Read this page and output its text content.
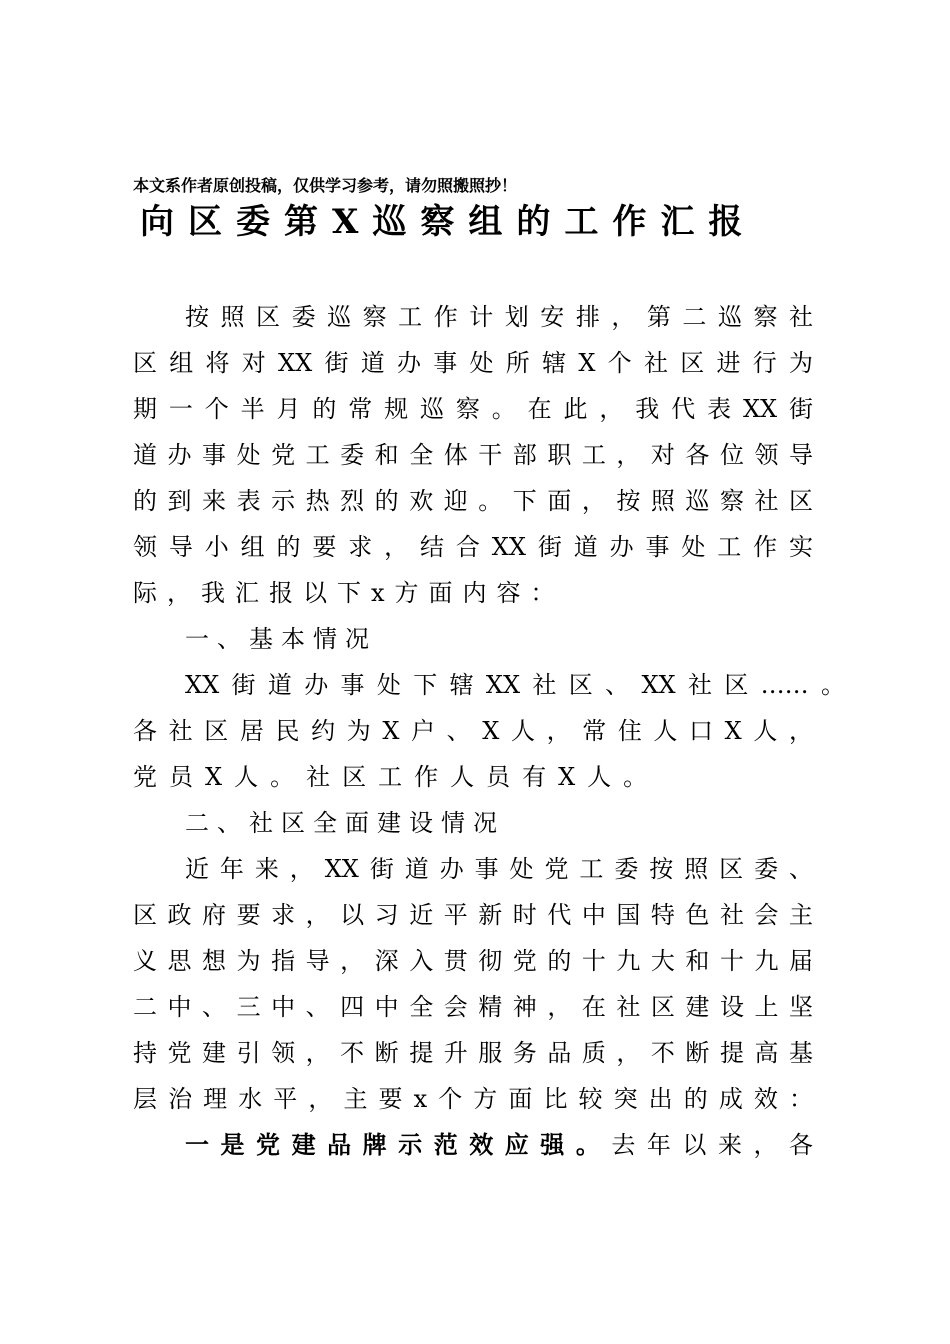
本文系作者原创投稿，仅供学习参考，请勿照搬照抄！
向区委第X巡察组的工作汇报
按照区委巡察工作计划安排，第二巡察社
区组将对XX街道办事处所辖X个社区进行为
期一个半月的常规巡察。在此，我代表XX街
道办事处党工委和全体干部职工，对各位领导
的到来表示热烈的欢迎。下面，按照巡察社区
领导小组的要求，结合XX街道办事处工作实
际，我汇报以下x方面内容：
一、基本情况
XX街道办事处下辖XX社区、XX社区……。
各社区居民约为X户、X人，常住人口X人，
党员X人。社区工作人员有X人。
二、社区全面建设情况
近年来，XX街道办事处党工委按照区委、
区政府要求，以习近平新时代中国特色社会主
义思想为指导，深入贯彻党的十九大和十九届
二中、三中、四中全会精神，在社区建设上坚
持党建引领，不断提升服务品质，不断提高基
层治理水平，主要x个方面比较突出的成效：
一是党建品牌示范效应强。去年以来，各
